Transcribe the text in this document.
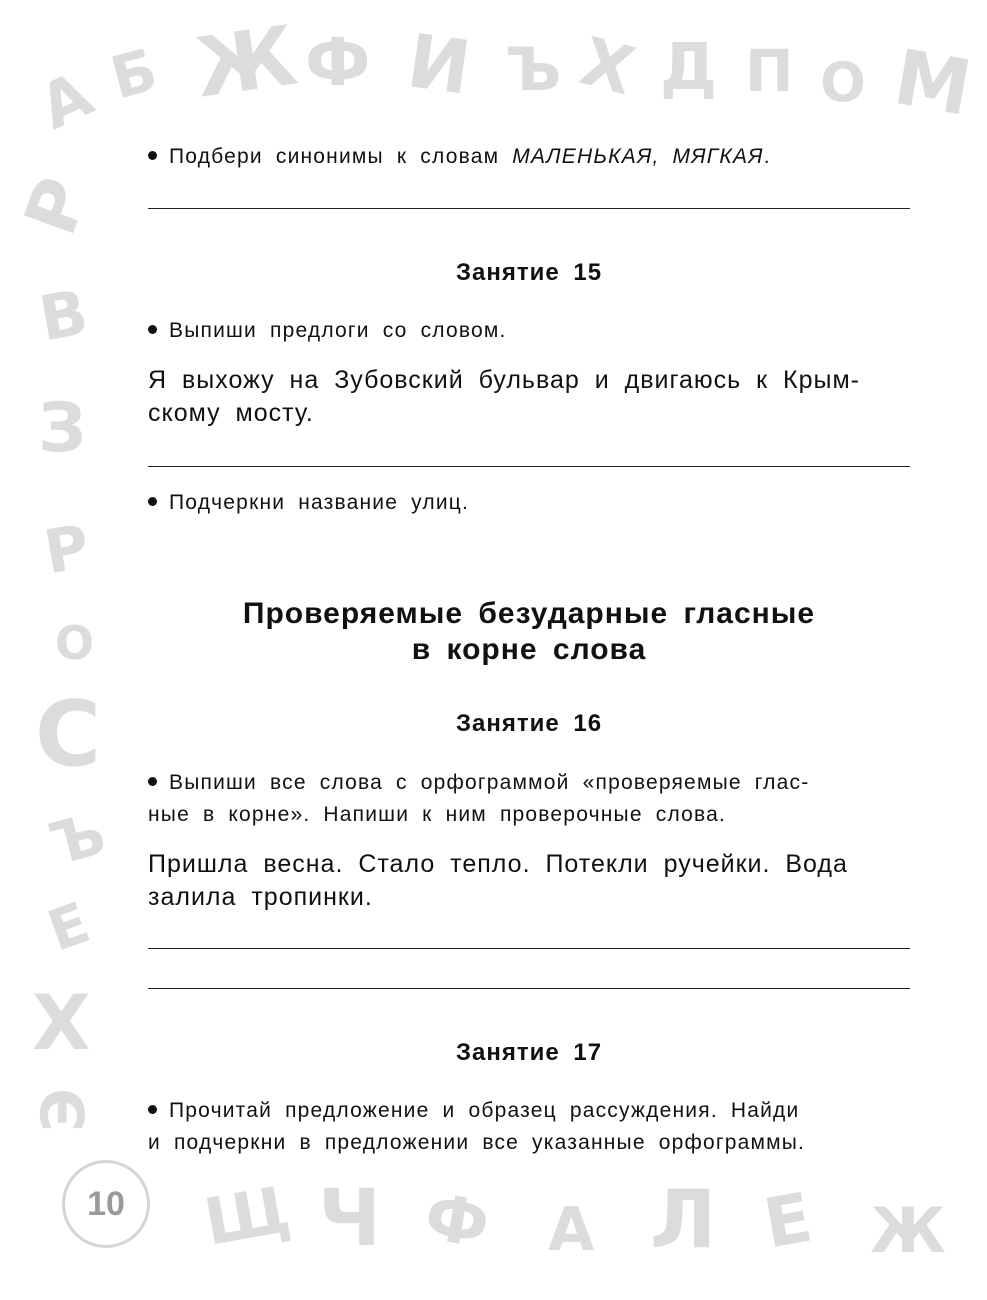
А Б Ж Ф И Ъ Х Д П О М
Р
В
З
Р
О
С
Ъ
Е
Х
Э
Щ Ч Ф А Л Е Ж
10
Подбери синонимы к словам МАЛЕНЬКАЯ, МЯГКАЯ.
Занятие 15
Выпиши предлоги со словом.
Я выхожу на Зубовский бульвар и двигаюсь к Крым-
скому мосту.
Подчеркни название улиц.
Проверяемые безударные гласные
в корне слова
Занятие 16
Выпиши все слова с орфограммой «проверяемые глас-
ные в корне». Напиши к ним проверочные слова.
Пришла весна. Стало тепло. Потекли ручейки. Вода
залила тропинки.
Занятие 17
Прочитай предложение и образец рассуждения. Найди
и подчеркни в предложении все указанные орфограммы.
